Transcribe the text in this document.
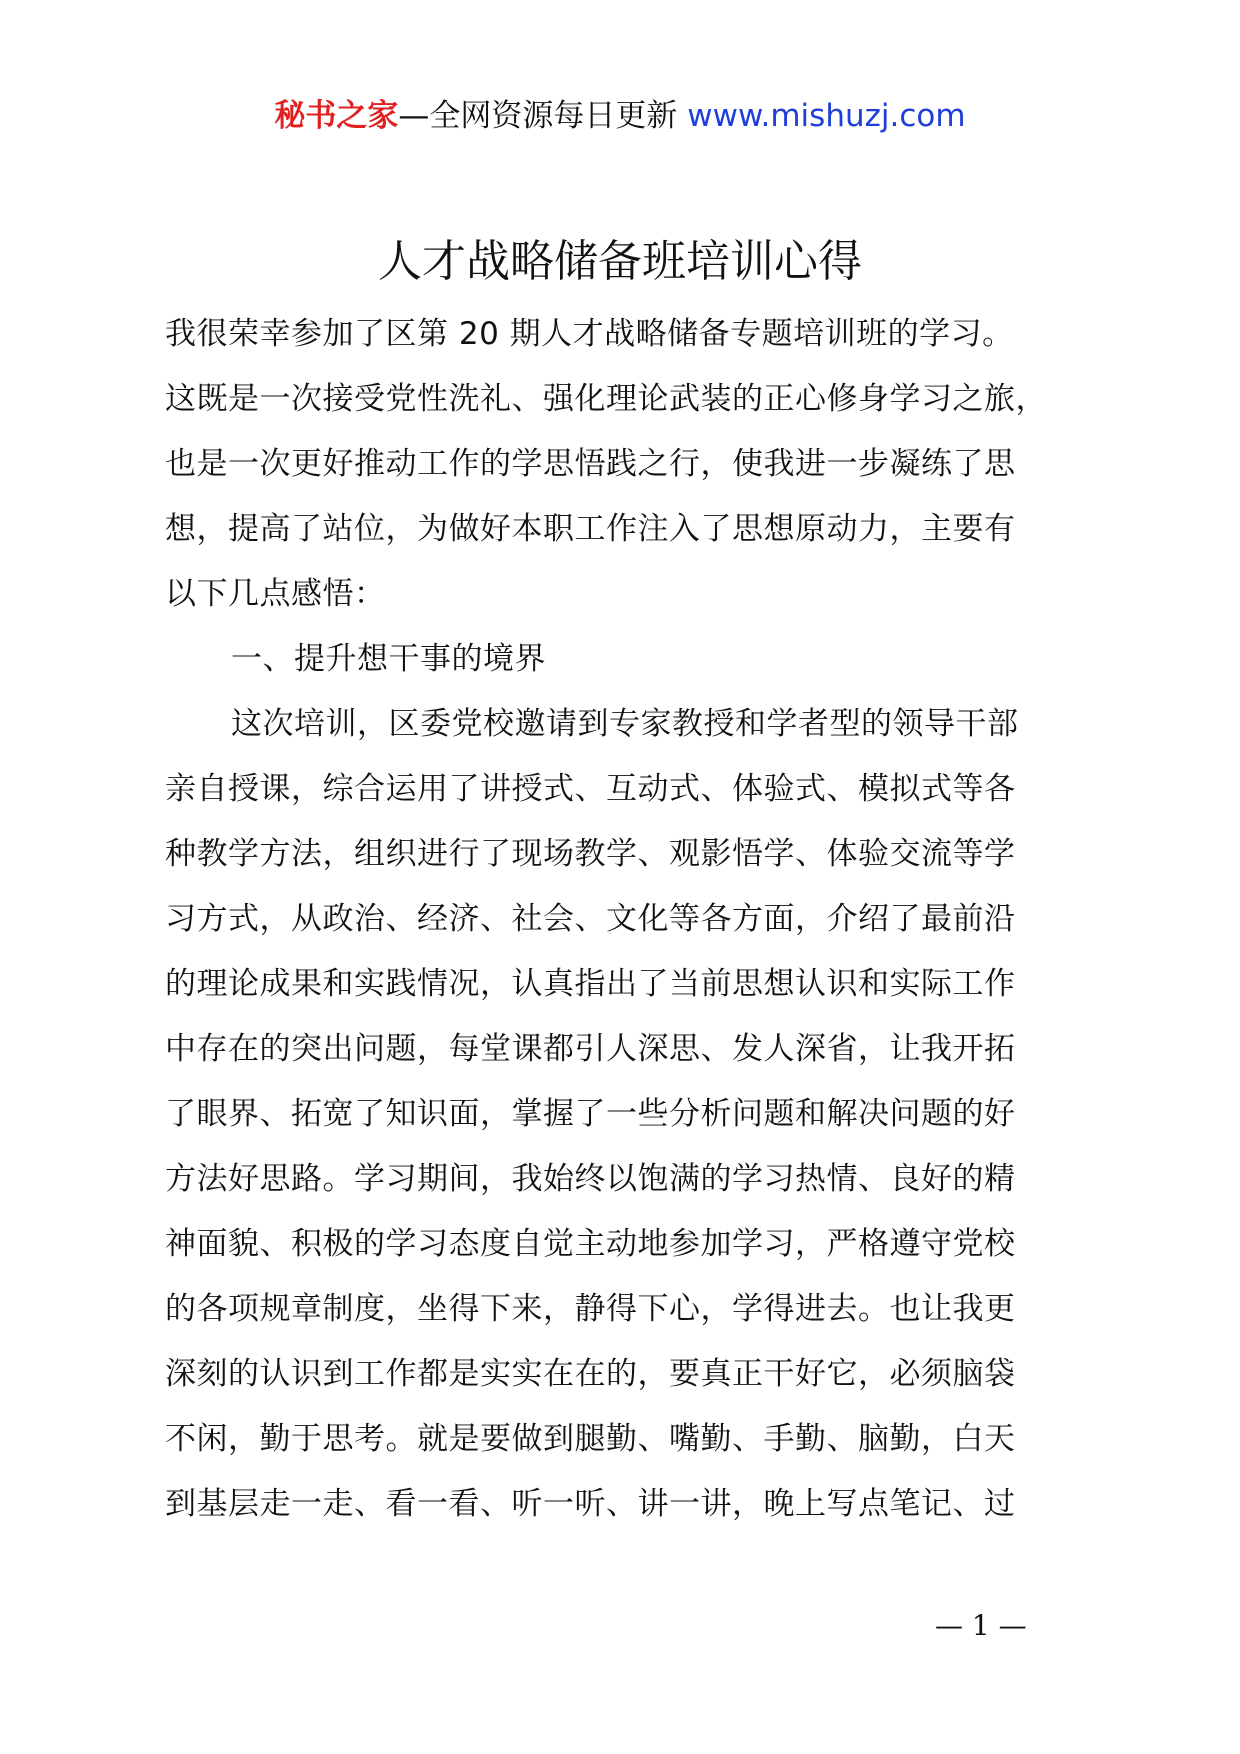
秘书之家—全网资源每日更新 www.mishuzj.com
人才战略储备班培训心得
我很荣幸参加了区第 20 期人才战略储备专题培训班的学习。
这既是一次接受党性洗礼、强化理论武装的正心修身学习之旅，
也是一次更好推动工作的学思悟践之行，使我进一步凝练了思
想，提高了站位，为做好本职工作注入了思想原动力，主要有
以下几点感悟：
一、提升想干事的境界
这次培训，区委党校邀请到专家教授和学者型的领导干部
亲自授课，综合运用了讲授式、互动式、体验式、模拟式等各
种教学方法，组织进行了现场教学、观影悟学、体验交流等学
习方式，从政治、经济、社会、文化等各方面，介绍了最前沿
的理论成果和实践情况，认真指出了当前思想认识和实际工作
中存在的突出问题，每堂课都引人深思、发人深省，让我开拓
了眼界、拓宽了知识面，掌握了一些分析问题和解决问题的好
方法好思路。学习期间，我始终以饱满的学习热情、良好的精
神面貌、积极的学习态度自觉主动地参加学习，严格遵守党校
的各项规章制度，坐得下来，静得下心，学得进去。也让我更
深刻的认识到工作都是实实在在的，要真正干好它，必须脑袋
不闲，勤于思考。就是要做到腿勤、嘴勤、手勤、脑勤，白天
到基层走一走、看一看、听一听、讲一讲，晚上写点笔记、过
— 1 —
